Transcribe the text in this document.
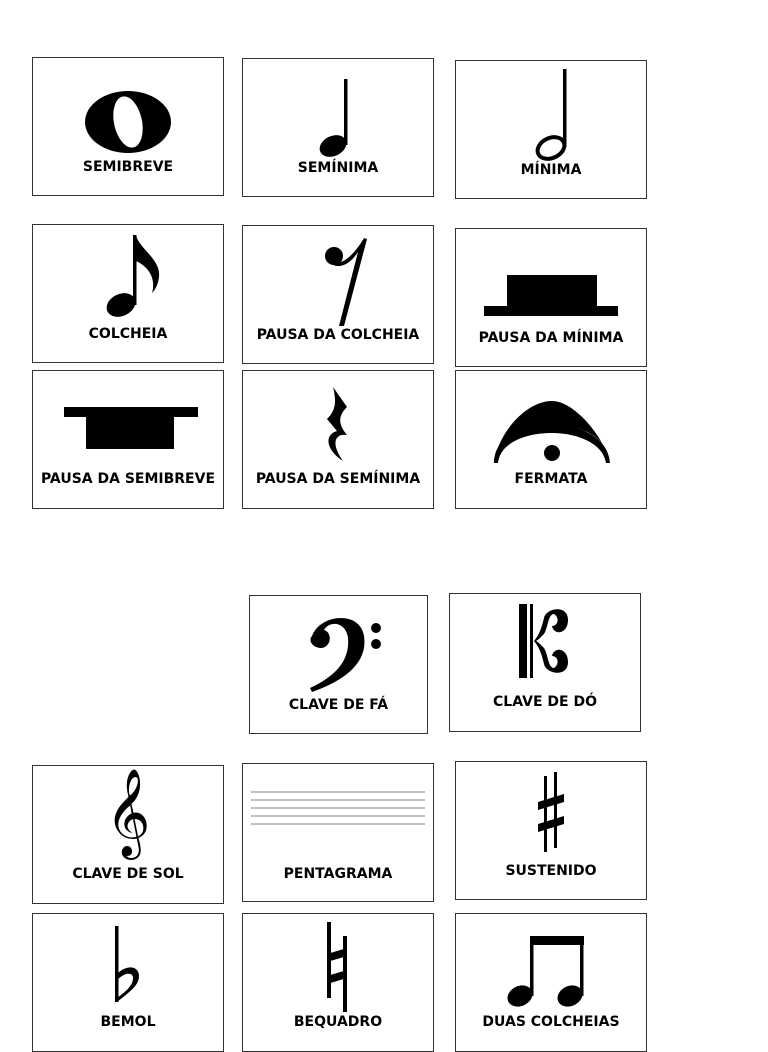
SEMIBREVE	SEMÍNIMA	MÍNIMA
COLCHEIA	PAUSA DA COLCHEIA	PAUSA DA MÍNIMA
PAUSA DA SEMIBREVE	PAUSA DA SEMÍNIMA	FERMATA
CLAVE DE FÁ	CLAVE DE DÓ
𝄞
CLAVE DE SOL	PENTAGRAMA	SUSTENIDO
BEMOL	BEQUADRO	DUAS COLCHEIAS
